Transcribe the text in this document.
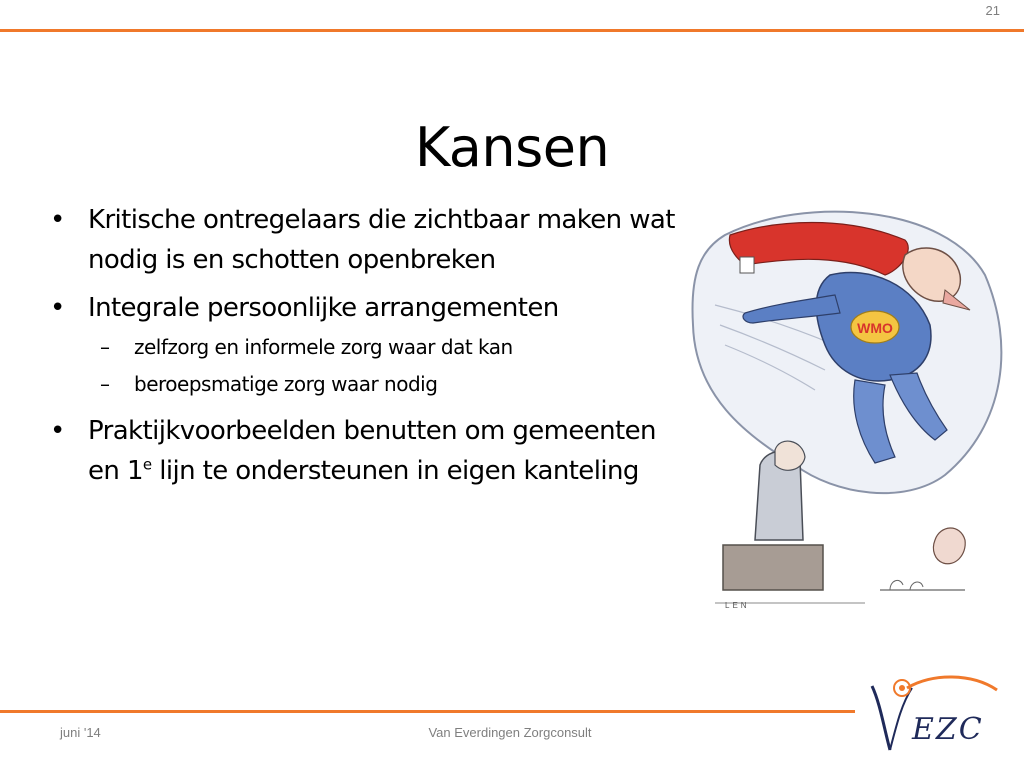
21
Kansen
• Kritische ontregelaars die zichtbaar maken wat nodig is en schotten openbreken
• Integrale persoonlijke arrangementen
– zelfzorg en informele zorg waar dat kan
– beroepsmatige zorg waar nodig
• Praktijkvoorbeelden benutten om gemeenten en 1e lijn te ondersteunen in eigen kanteling
WMO
LEN
juni '14	Van Everdingen Zorgconsult	EZC
